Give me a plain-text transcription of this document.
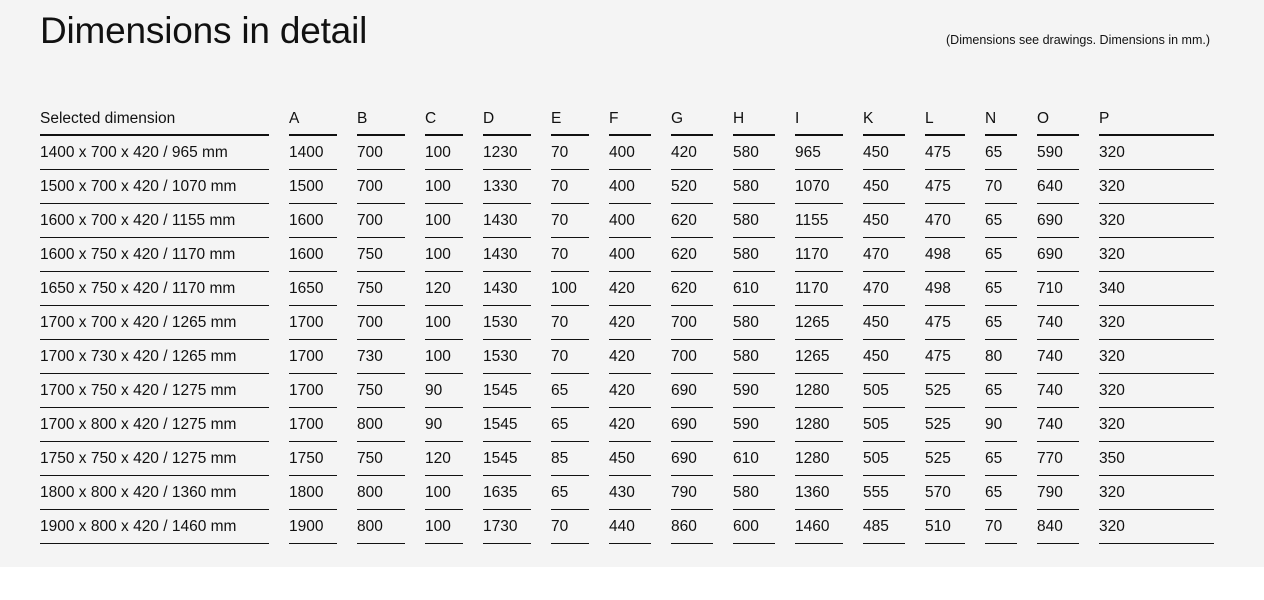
Dimensions in detail	(Dimensions see drawings. Dimensions in mm.)
Selected dimension	A	B	C	D	E	F	G	H	I	K	L	N	O	P

1400 x 700 x 420 / 965 mm	1400	700	100	1230	70	400	420	580	965	450	475	65	590	320
1500 x 700 x 420 / 1070 mm	1500	700	100	1330	70	400	520	580	1070	450	475	70	640	320
1600 x 700 x 420 / 1155 mm	1600	700	100	1430	70	400	620	580	1155	450	470	65	690	320
1600 x 750 x 420 / 1170 mm	1600	750	100	1430	70	400	620	580	1170	470	498	65	690	320
1650 x 750 x 420 / 1170 mm	1650	750	120	1430	100	420	620	610	1170	470	498	65	710	340
1700 x 700 x 420 / 1265 mm	1700	700	100	1530	70	420	700	580	1265	450	475	65	740	320
1700 x 730 x 420 / 1265 mm	1700	730	100	1530	70	420	700	580	1265	450	475	80	740	320
1700 x 750 x 420 / 1275 mm	1700	750	90	1545	65	420	690	590	1280	505	525	65	740	320
1700 x 800 x 420 / 1275 mm	1700	800	90	1545	65	420	690	590	1280	505	525	90	740	320
1750 x 750 x 420 / 1275 mm	1750	750	120	1545	85	450	690	610	1280	505	525	65	770	350
1800 x 800 x 420 / 1360 mm	1800	800	100	1635	65	430	790	580	1360	555	570	65	790	320
1900 x 800 x 420 / 1460 mm	1900	800	100	1730	70	440	860	600	1460	485	510	70	840	320
